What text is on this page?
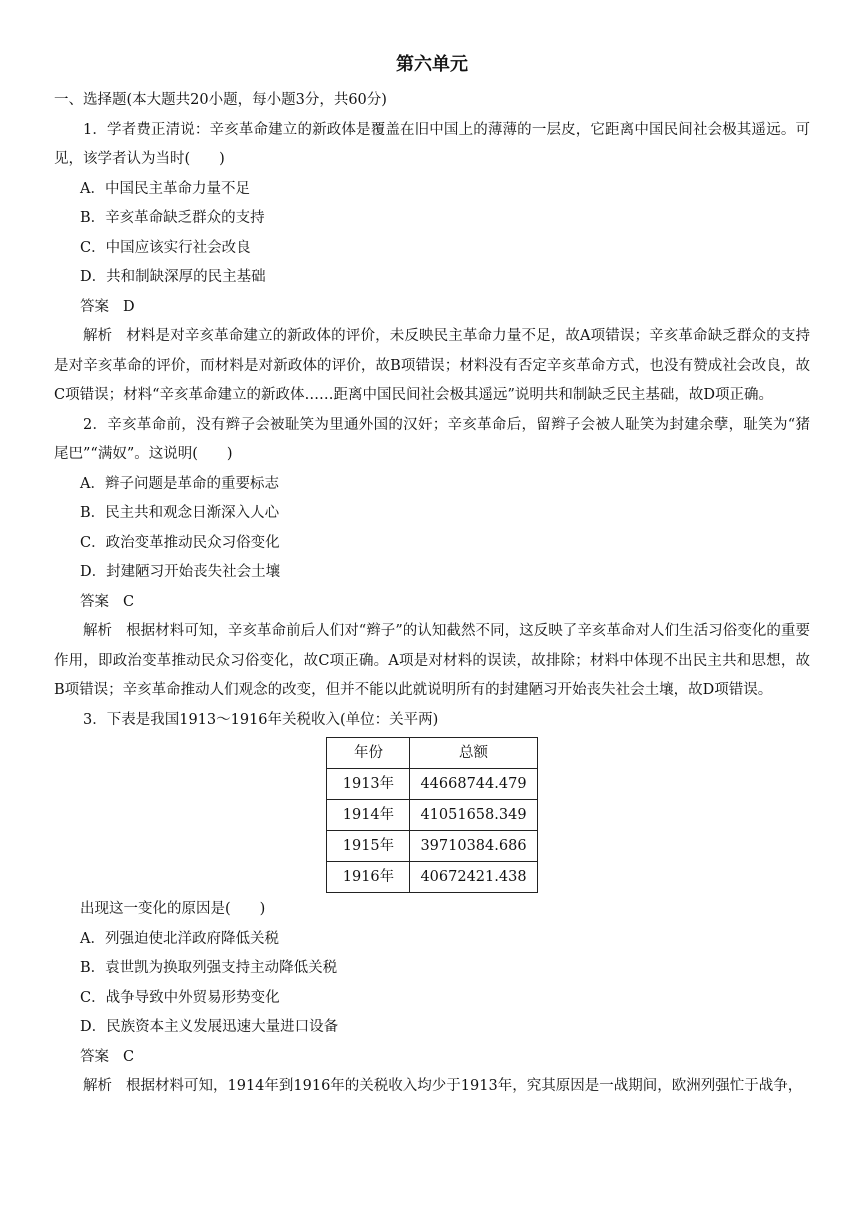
第六单元
一、选择题(本大题共20小题，每小题3分，共60分)
1．学者费正清说：辛亥革命建立的新政体是覆盖在旧中国上的薄薄的一层皮，它距离中国民间社会极其遥远。可见，该学者认为当时(　　)
A．中国民主革命力量不足
B．辛亥革命缺乏群众的支持
C．中国应该实行社会改良
D．共和制缺深厚的民主基础
答案 D
解析 材料是对辛亥革命建立的新政体的评价，未反映民主革命力量不足，故A项错误；辛亥革命缺乏群众的支持是对辛亥革命的评价，而材料是对新政体的评价，故B项错误；材料没有否定辛亥革命方式，也没有赞成社会改良，故C项错误；材料“辛亥革命建立的新政体……距离中国民间社会极其遥远”说明共和制缺乏民主基础，故D项正确。
2．辛亥革命前，没有辫子会被耻笑为里通外国的汉奸；辛亥革命后，留辫子会被人耻笑为封建余孽，耻笑为“猪尾巴”“满奴”。这说明(　　)
A．辫子问题是革命的重要标志
B．民主共和观念日渐深入人心
C．政治变革推动民众习俗变化
D．封建陋习开始丧失社会土壤
答案 C
解析 根据材料可知，辛亥革命前后人们对“辫子”的认知截然不同，这反映了辛亥革命对人们生活习俗变化的重要作用，即政治变革推动民众习俗变化，故C项正确。A项是对材料的误读，故排除；材料中体现不出民主共和思想，故B项错误；辛亥革命推动人们观念的改变，但并不能以此就说明所有的封建陋习开始丧失社会土壤，故D项错误。
3．下表是我国1913～1916年关税收入(单位：关平两)
年份	总额
1913年	44668744.479
1914年	41051658.349
1915年	39710384.686
1916年	40672421.438
出现这一变化的原因是(　　)
A．列强迫使北洋政府降低关税
B．袁世凯为换取列强支持主动降低关税
C．战争导致中外贸易形势变化
D．民族资本主义发展迅速大量进口设备
答案 C
解析 根据材料可知，1914年到1916年的关税收入均少于1913年，究其原因是一战期间，欧洲列强忙于战争，
